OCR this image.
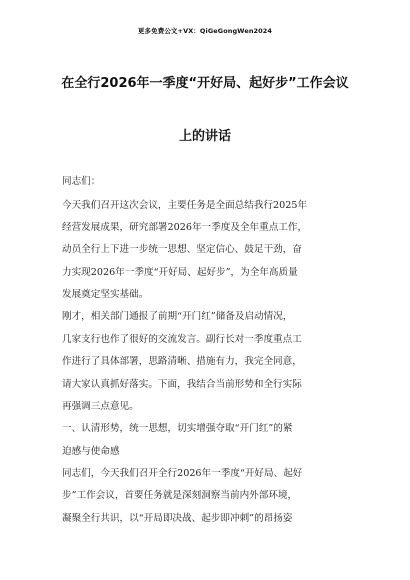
更多免费公文+VX：QiGeGongWen2024
在全行2026年一季度“开好局、起好步”工作会议
上的讲话
同志们：
今天我们召开这次会议，主要任务是全面总结我行2025年
经营发展成果，研究部署2026年一季度及全年重点工作，
动员全行上下进一步统一思想、坚定信心、鼓足干劲，奋
力实现2026年一季度“开好局、起好步”，为全年高质量
发展奠定坚实基础。
刚才，相关部门通报了前期“开门红”储备及启动情况，
几家支行也作了很好的交流发言。副行长对一季度重点工
作进行了具体部署，思路清晰、措施有力，我完全同意，
请大家认真抓好落实。下面，我结合当前形势和全行实际
再强调三点意见。
一、认清形势，统一思想，切实增强夺取“开门红”的紧
迫感与使命感
同志们，今天我们召开全行2026年一季度“开好局、起好
步”工作会议，首要任务就是深刻洞察当前内外部环境，
凝聚全行共识，以“开局即决战、起步即冲刺”的昂扬姿
